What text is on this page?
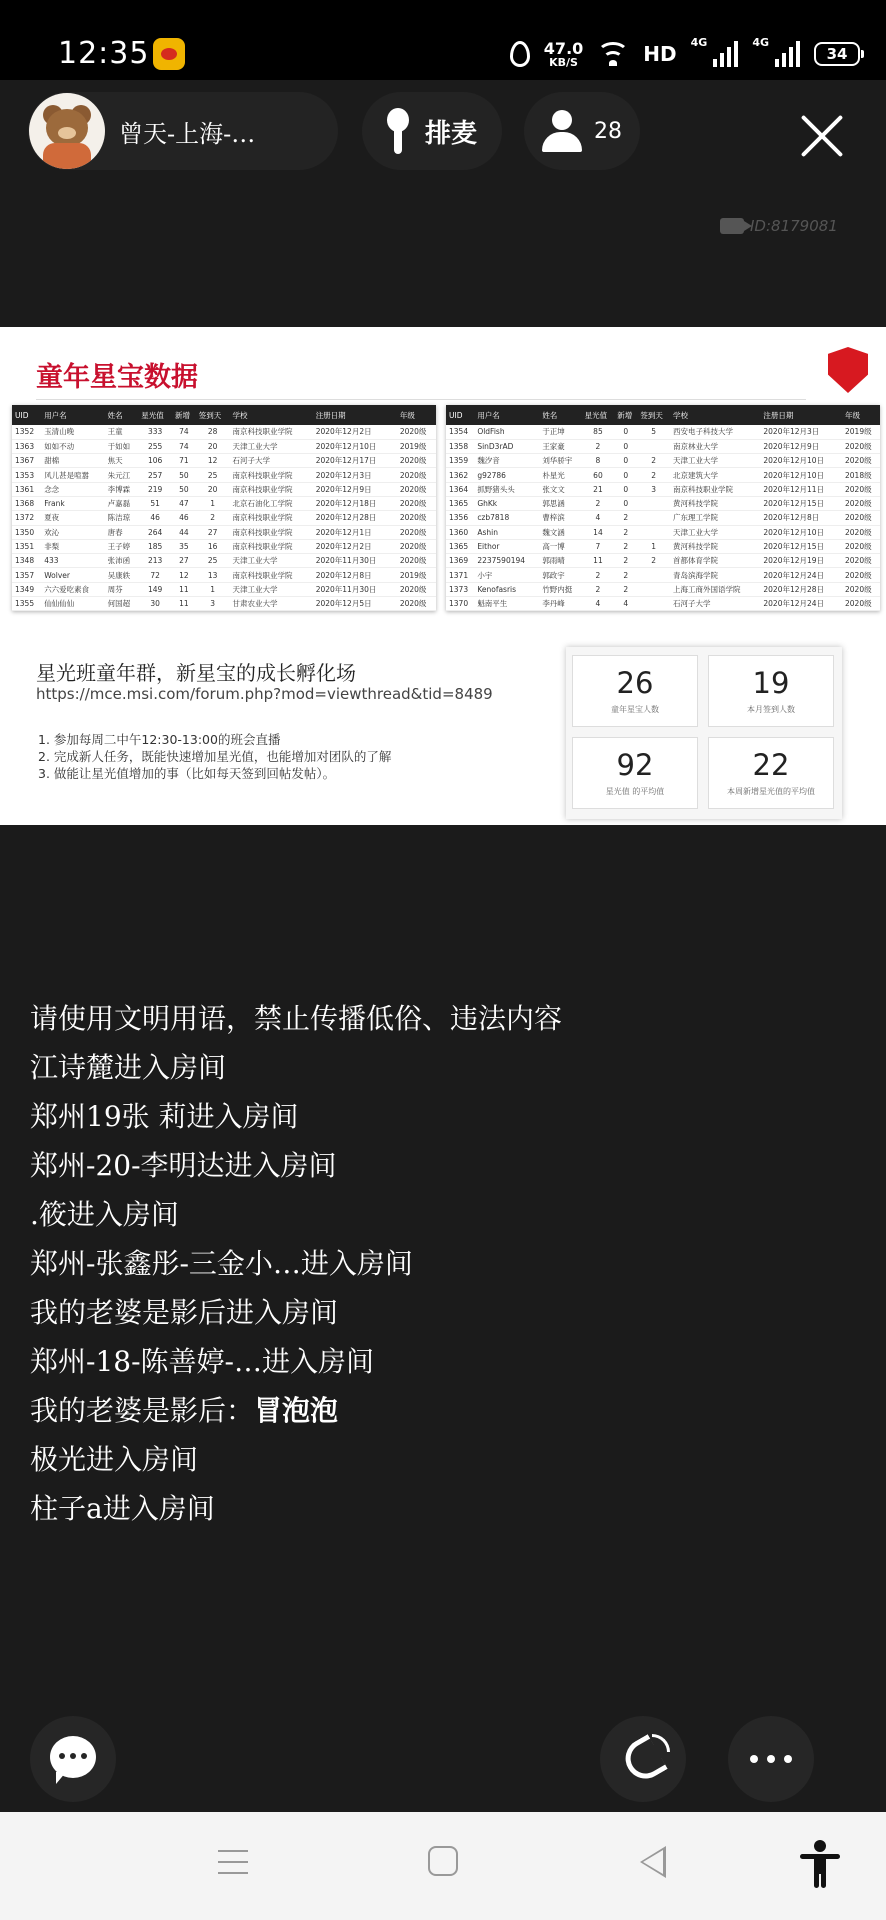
12:35	47.0
KB/S	HD 4G	4G
34
曾天-上海-…	排麦	28
ID:8179081
童年星宝数据
UID	用户名	姓名	星光值	新增	签到天	学校	注册日期	年级
1352	玉清山晚	王童	333	74	28	南京科技职业学院	2020年12月2日	2020级
1363	如如不动	于如如	255	74	20	天津工业大学	2020年12月10日	2019级
1367	甜棉	焦天	106	71	12	石河子大学	2020年12月17日	2020级
1353	风儿甚是喧嚣	朱元江	257	50	25	南京科技职业学院	2020年12月3日	2020级
1361	念念	李博霖	219	50	20	南京科技职业学院	2020年12月9日	2020级
1368	Frank	卢嘉磊	51	47	1	北京石油化工学院	2020年12月18日	2020级
1372	夏夜	陈洁琼	46	46	2	南京科技职业学院	2020年12月28日	2020级
1350	欢沁	唐春	264	44	27	南京科技职业学院	2020年12月1日	2020级
1351	非梨	王子婷	185	35	16	南京科技职业学院	2020年12月2日	2020级
1348	433	张沛函	213	27	25	天津工业大学	2020年11月30日	2020级
1357	Wolver	吴康轶	72	12	13	南京科技职业学院	2020年12月8日	2019级
1349	六六爱吃素食	周芬	149	11	1	天津工业大学	2020年11月30日	2020级
1355	仙仙仙仙	何国超	30	11	3	甘肃农业大学	2020年12月5日	2020级
UID	用户名	姓名	星光值	新增	签到天	学校	注册日期	年级
1354	OldFish	于正坤	85	0	5	西安电子科技大学	2020年12月3日	2019级
1358	SinD3rAD	王家豪	2	0		南京林业大学	2020年12月9日	2020级
1359	魏汐音	刘华骄宇	8	0	2	天津工业大学	2020年12月10日	2020级
1362	g92786	朴星光	60	0	2	北京建筑大学	2020年12月10日	2018级
1364	抓野猪头头	张文文	21	0	3	南京科技职业学院	2020年12月11日	2020级
1365	GhKk	郭思涵	2	0		黄河科技学院	2020年12月15日	2020级
1356	czb7818	曹梓滨	4	2		广东理工学院	2020年12月8日	2020级
1360	Ashin	魏文涵	14	2		天津工业大学	2020年12月10日	2020级
1365	Eithor	高一博	7	2	1	黄河科技学院	2020年12月15日	2020级
1369	2237590194	郭雨晴	11	2	2	首都体育学院	2020年12月19日	2020级
1371	小宇	郭政宇	2	2		青岛滨海学院	2020年12月24日	2020级
1373	Kenofasris	竹野内挺	2	2		上海工商外国语学院	2020年12月28日	2020级
1370	魁南平生	李丹峰	4	4		石河子大学	2020年12月24日	2020级
星光班童年群，新星宝的成长孵化场
https://mce.msi.com/forum.php?mod=viewthread&tid=8489
1. 参加每周二中午12:30-13:00的班会直播
2. 完成新人任务，既能快速增加星光值，也能增加对团队的了解
3. 做能让星光值增加的事（比如每天签到回帖发帖）。
26
童年星宝人数
19
本月签到人数
92
星光值 的平均值
22
本周新增星光值的平均值

请使用文明用语，禁止传播低俗、违法内容

江诗麓进入房间

郑州19张 莉进入房间

郑州-20-李明达进入房间

.筱进入房间

郑州-张鑫彤-三金小…进入房间

我的老婆是影后进入房间

郑州-18-陈善婷-…进入房间

我的老婆是影后：冒泡泡

极光进入房间

柱子a进入房间
